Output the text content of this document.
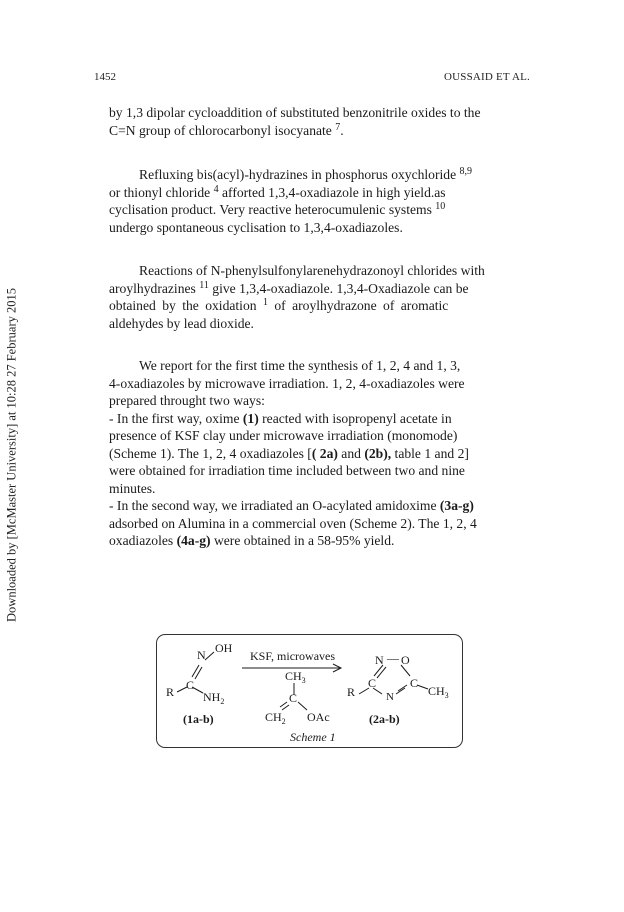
Downloaded by [McMaster University] at 10:28 27 February 2015
1452	OUSSAID ET AL.
by 1,3 dipolar cycloaddition of substituted benzonitrile oxides to the
C=N group of chlorocarbonyl isocyanate $^7$.
Refluxing bis(acyl)-hydrazines in phosphorus oxychloride $^{8,9}$
or thionyl chloride $^4$ afforted 1,3,4-oxadiazole in high yield.as
cyclisation product. Very reactive heterocumulenic systems $^{10}$
undergo spontaneous cyclisation to 1,3,4-oxadiazoles.
Reactions of N-phenylsulfonylarenehydrazonoyl chlorides with
aroylhydrazines $^{11}$ give 1,3,4-oxadiazole. 1,3,4-Oxadiazole can be
obtained by the oxidation $^1$ of aroylhydrazone of aromatic
aldehydes by lead dioxide.
We report for the first time the synthesis of 1, 2, 4 and 1, 3,
4-oxadiazoles by microwave irradiation. 1, 2, 4-oxadiazoles were
prepared throught two ways:
- In the first way, oxime (1) reacted with isopropenyl acetate in
presence of KSF clay under microwave irradiation (monomode)
(Scheme 1). The 1, 2, 4 oxadiazoles [( 2a) and (2b), table 1 and 2]
were obtained for irradiation time included between two and nine
minutes.
- In the second way, we irradiated an O-acylated amidoxime (3a-g)
adsorbed on Alumina in a commercial oven (Scheme 2). The 1, 2, 4
oxadiazoles (4a-g) were obtained in a 58-95% yield.
N OH
C
R $NH_2$
(1a-b)
KSF, microwaves
$CH_3$
C
$CH_2$ OAc
N — O
C	C
R	N	$CH_3$
(2a-b)
Scheme 1
